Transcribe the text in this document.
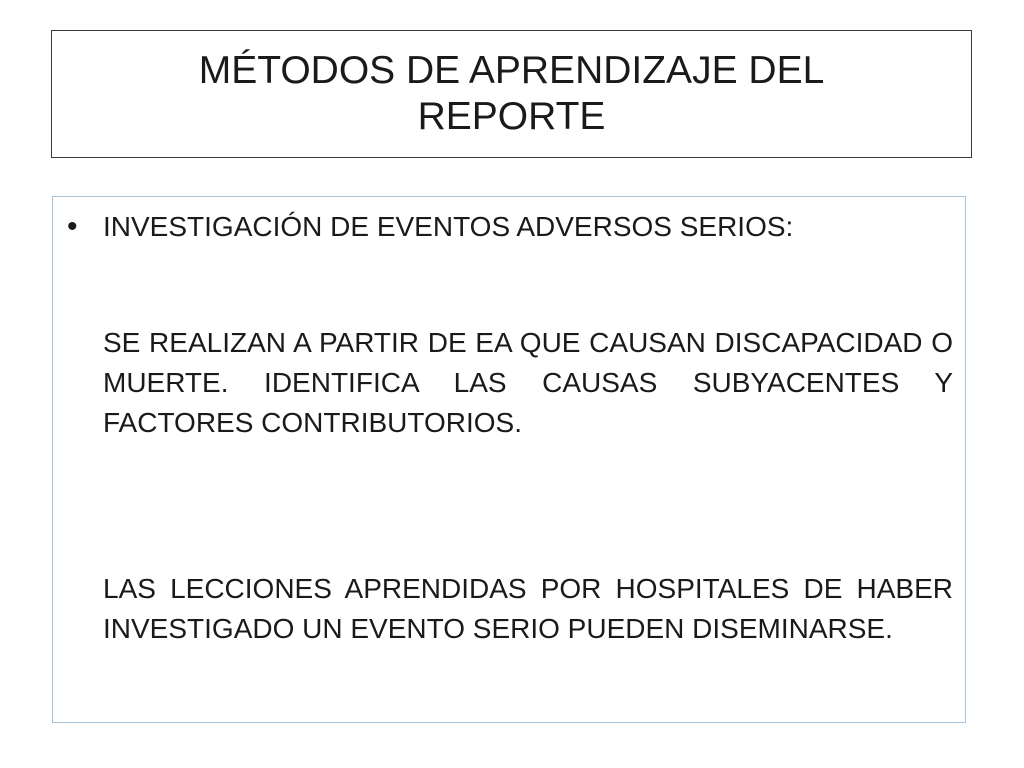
MÉTODOS DE APRENDIZAJE DEL REPORTE
• INVESTIGACIÓN DE EVENTOS ADVERSOS SERIOS:

SE REALIZAN A PARTIR DE EA QUE CAUSAN DISCAPACIDAD O MUERTE. IDENTIFICA LAS CAUSAS SUBYACENTES Y FACTORES CONTRIBUTORIOS.

LAS LECCIONES APRENDIDAS POR HOSPITALES DE HABER INVESTIGADO UN EVENTO SERIO PUEDEN DISEMINARSE.
